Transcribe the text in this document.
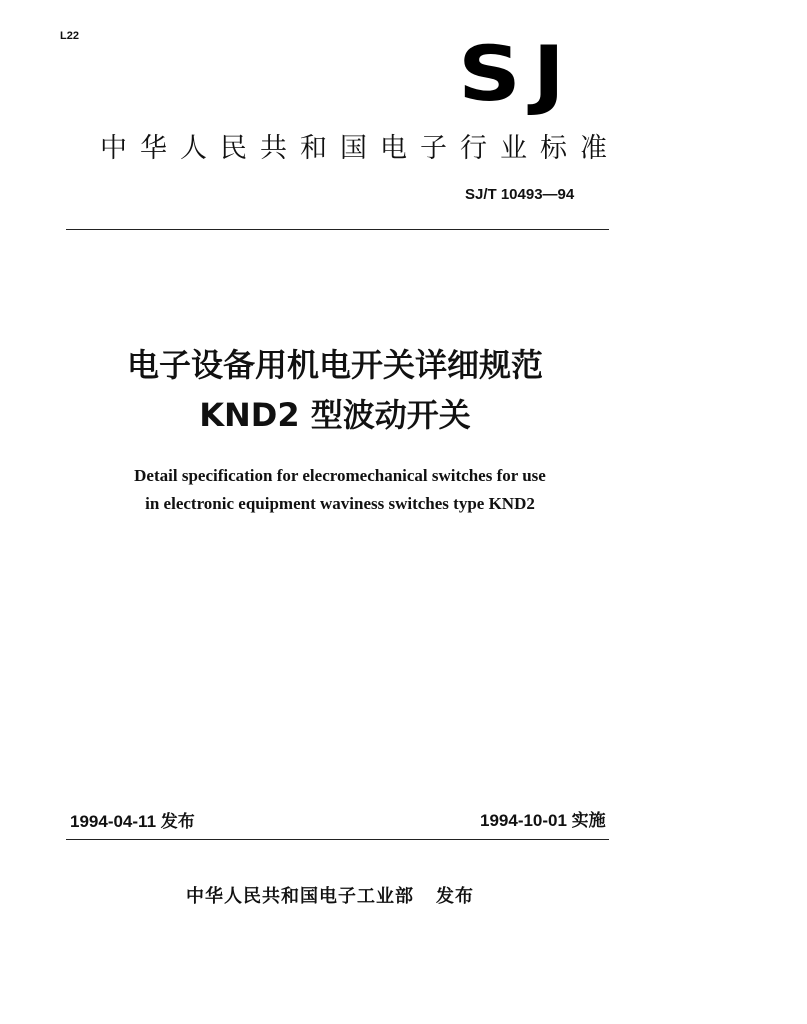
L22	SJ
中华人民共和国电子行业标准
SJ/T 10493—94
电子设备用机电开关详细规范
KND2 型波动开关
Detail specification for elecromechanical switches for use
in electronic equipment waviness switches type KND2
1994-04-11 发布	1994-10-01 实施
中华人民共和国电子工业部 发布
